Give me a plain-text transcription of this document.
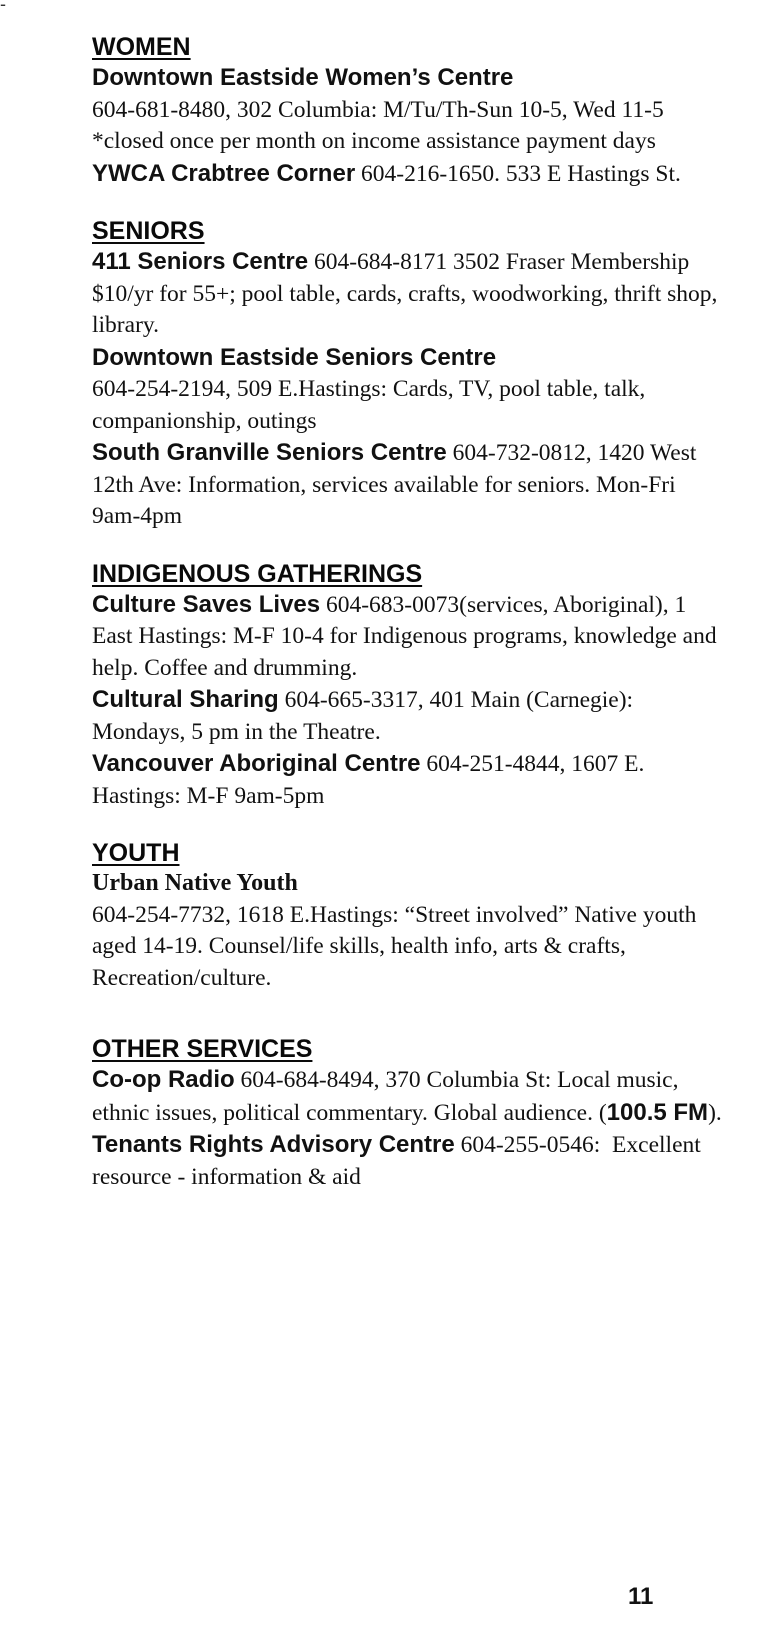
-
WOMEN

Downtown Eastside Women’s Centre
604-681-8480, 302 Columbia: M/Tu/Th-Sun 10-5, Wed 11-5 *closed once per month on income assistance payment days

YWCA Crabtree Corner 604-216-1650. 533 E Hastings St.

SENIORS

411 Seniors Centre 604-684-8171 3502 Fraser Membership $10/yr for 55+; pool table, cards, crafts, woodworking, thrift shop, library.

Downtown Eastside Seniors Centre
604-254-2194, 509 E.Hastings: Cards, TV, pool table, talk, companionship, outings

South Granville Seniors Centre 604-732-0812, 1420 West 12th Ave: Information, services available for seniors. Mon-Fri 9am-4pm

INDIGENOUS GATHERINGS

Culture Saves Lives 604-683-0073(services, Aboriginal), 1 East Hastings: M-F 10-4 for Indigenous programs, knowledge and help. Coffee and drumming.

Cultural Sharing 604-665-3317, 401 Main (Carnegie): Mondays, 5 pm in the Theatre.

Vancouver Aboriginal Centre 604-251-4844, 1607 E. Hastings: M-F 9am-5pm

YOUTH

Urban Native Youth
604-254-7732, 1618 E.Hastings: “Street involved” Native youth aged 14-19. Counsel/life skills, health info, arts & crafts, Recreation/culture.

OTHER SERVICES

Co-op Radio 604-684-8494, 370 Columbia St: Local music, ethnic issues, political commentary. Global audience. (100.5 FM).

Tenants Rights Advisory Centre 604-255-0546:  Excellent resource - information & aid

11
